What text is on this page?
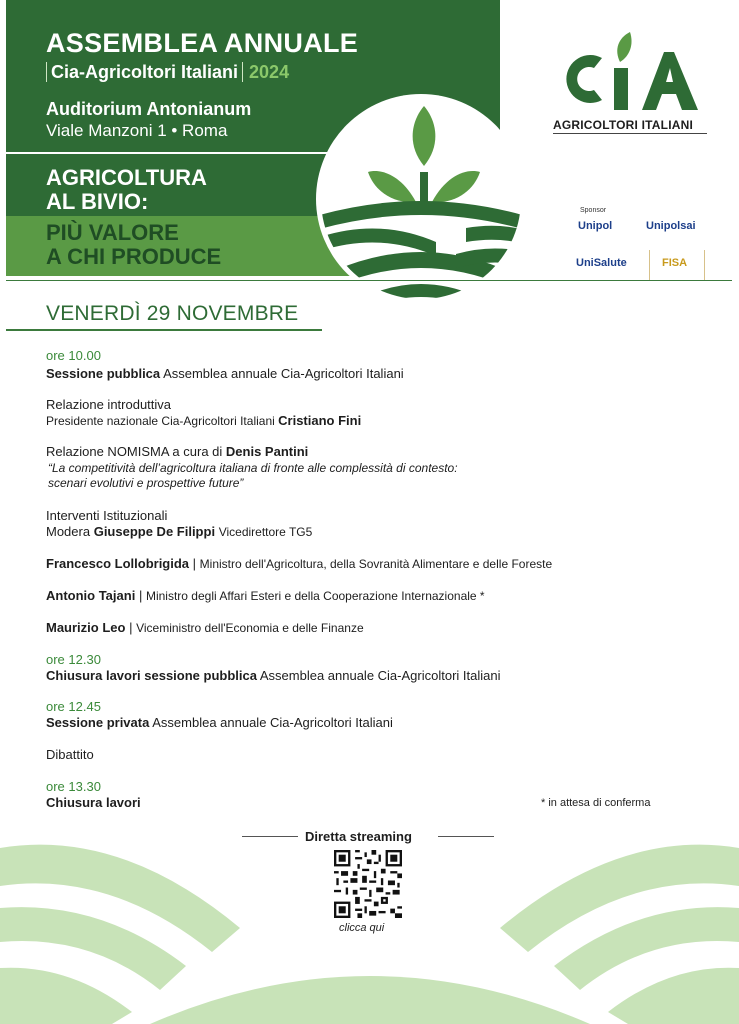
ASSEMBLEA ANNUALE
Cia-Agricoltori Italiani 2024
Auditorium Antonianum
Viale Manzoni 1 • Roma
AGRICOLTURA
AL BIVIO:
PIÙ VALORE
A CHI PRODUCE
AGRICOLTORI ITALIANI
Sponsor
Unipol	Unipolsai
UniSalute	FISA
VENERDÌ 29 NOVEMBRE
ore 10.00
Sessione pubblica Assemblea annuale Cia-Agricoltori Italiani
Relazione introduttiva
Presidente nazionale Cia-Agricoltori Italiani Cristiano Fini
Relazione NOMISMA a cura di Denis Pantini
“La competitività dell’agricoltura italiana di fronte alle complessità di contesto:
scenari evolutivi e prospettive future”
Interventi Istituzionali
Modera Giuseppe De Filippi Vicedirettore TG5
Francesco Lollobrigida | Ministro dell'Agricoltura, della Sovranità Alimentare e delle Foreste
Antonio Tajani | Ministro degli Affari Esteri e della Cooperazione Internazionale *
Maurizio Leo | Viceministro dell'Economia e delle Finanze
ore 12.30
Chiusura lavori sessione pubblica Assemblea annuale Cia-Agricoltori Italiani
ore 12.45
Sessione privata Assemblea annuale Cia-Agricoltori Italiani
Dibattito
ore 13.30
Chiusura lavori	* in attesa di conferma
Diretta streaming
clicca qui
